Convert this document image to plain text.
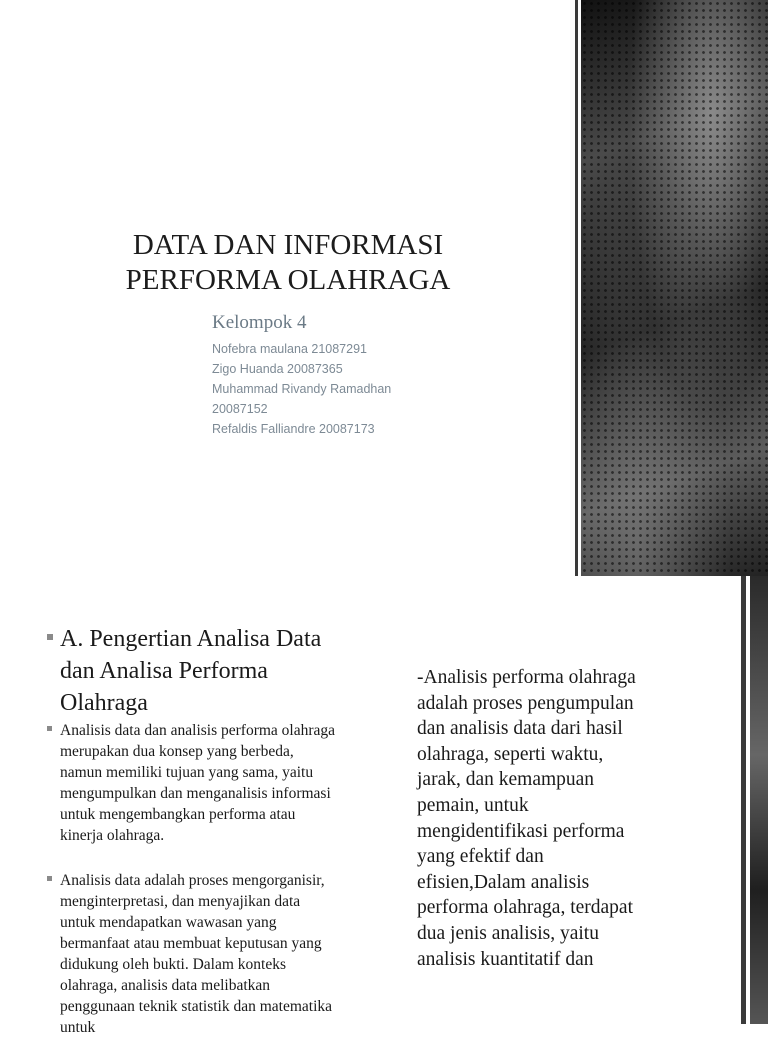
DATA DAN INFORMASI
PERFORMA OLAHRAGA
Kelompok 4
Nofebra maulana 21087291
Zigo Huanda 20087365
Muhammad Rivandy Ramadhan 20087152
Refaldis Falliandre 20087173
A. Pengertian Analisa Data dan Analisa Performa Olahraga
Analisis data dan analisis performa olahraga merupakan dua konsep yang berbeda, namun memiliki tujuan yang sama, yaitu mengumpulkan dan menganalisis informasi untuk mengembangkan performa atau kinerja olahraga.
Analisis data adalah proses mengorganisir, menginterpretasi, dan menyajikan data untuk mendapatkan wawasan yang bermanfaat atau membuat keputusan yang didukung oleh bukti. Dalam konteks olahraga, analisis data melibatkan penggunaan teknik statistik dan matematika untuk
-Analisis performa olahraga adalah proses pengumpulan dan analisis data dari hasil olahraga, seperti waktu, jarak, dan kemampuan pemain, untuk mengidentifikasi performa yang efektif dan efisien,Dalam analisis performa olahraga, terdapat dua jenis analisis, yaitu analisis kuantitatif dan
